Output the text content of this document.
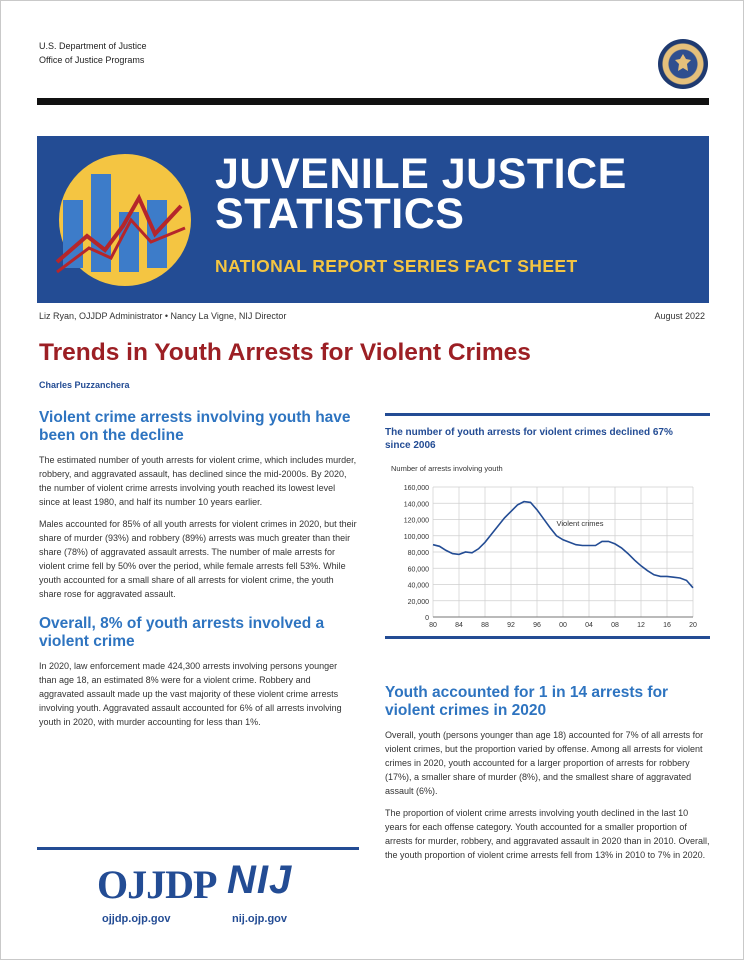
U.S. Department of Justice
Office of Justice Programs
JUVENILE JUSTICE
STATISTICS
NATIONAL REPORT SERIES FACT SHEET
Liz Ryan, OJJDP Administrator • Nancy La Vigne, NIJ Director	August 2022
Trends in Youth Arrests for Violent Crimes
Charles Puzzanchera
Violent crime arrests involving youth have been on the decline

The estimated number of youth arrests for violent crime, which includes murder, robbery, and aggravated assault, has declined since the mid-2000s. By 2020, the number of violent crime arrests involving youth reached its lowest level since at least 1980, and half its number 10 years earlier.

Males accounted for 85% of all youth arrests for violent crimes in 2020, but their share of murder (93%) and robbery (89%) arrests was much greater than their share (78%) of aggravated assault arrests. The number of male arrests for violent crime fell by 50% over the period, while female arrests fell 53%. While youth accounted for a small share of all arrests for violent crime, the youth share rose for aggravated assault.

Overall, 8% of youth arrests involved a violent crime

In 2020, law enforcement made 424,300 arrests involving persons younger than age 18, an estimated 8% were for a violent crime. Robbery and aggravated assault made up the vast majority of these violent crime arrests involving youth. Aggravated assault accounted for 6% of all arrests involving youth in 2020, with murder accounting for less than 1%.

The number of youth arrests for violent crimes declined 67% since 2006
Number of arrests involving youth
0
20,000
40,000
60,000
80,000
100,000
120,000
140,000
160,000
80	84	88	92	96	00	04	08	12	16	20
Violent crimes
Youth accounted for 1 in 14 arrests for violent crimes in 2020

Overall, youth (persons younger than age 18) accounted for 7% of all arrests for violent crimes, but the proportion varied by offense. Among all arrests for violent crimes in 2020, youth accounted for a larger proportion of arrests for robbery (17%), a smaller share of murder (8%), and the smallest share of aggravated assault (6%).

The proportion of violent crime arrests involving youth declined in the last 10 years for each offense category. Youth accounted for a smaller proportion of arrests for murder, robbery, and aggravated assault in 2020 than in 2010. Overall, the youth proportion of violent crime arrests fell from 13% in 2010 to 7% in 2020.

OJJDP NIJ
ojjdp.ojp.gov	nij.ojp.gov
